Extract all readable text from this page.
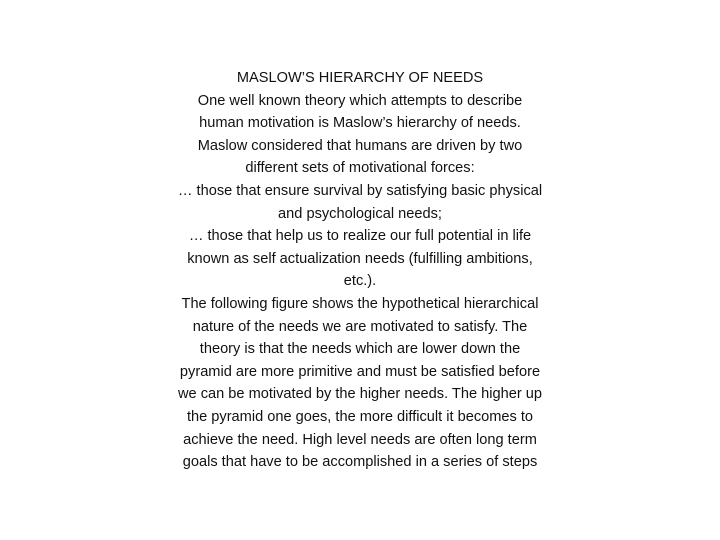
MASLOW’S HIERARCHY OF NEEDS
One well known theory which attempts to describe
human motivation is Maslow’s hierarchy of needs.
Maslow considered that humans are driven by two
different sets of motivational forces:
… those that ensure survival by satisfying basic physical
and psychological needs;
… those that help us to realize our full potential in life
known as self actualization needs (fulfilling ambitions,
etc.).
The following figure shows the hypothetical hierarchical
nature of the needs we are motivated to satisfy. The
theory is that the needs which are lower down the
pyramid are more primitive and must be satisfied before
we can be motivated by the higher needs. The higher up
the pyramid one goes, the more difficult it becomes to
achieve the need. High level needs are often long term
goals that have to be accomplished in a series of steps
